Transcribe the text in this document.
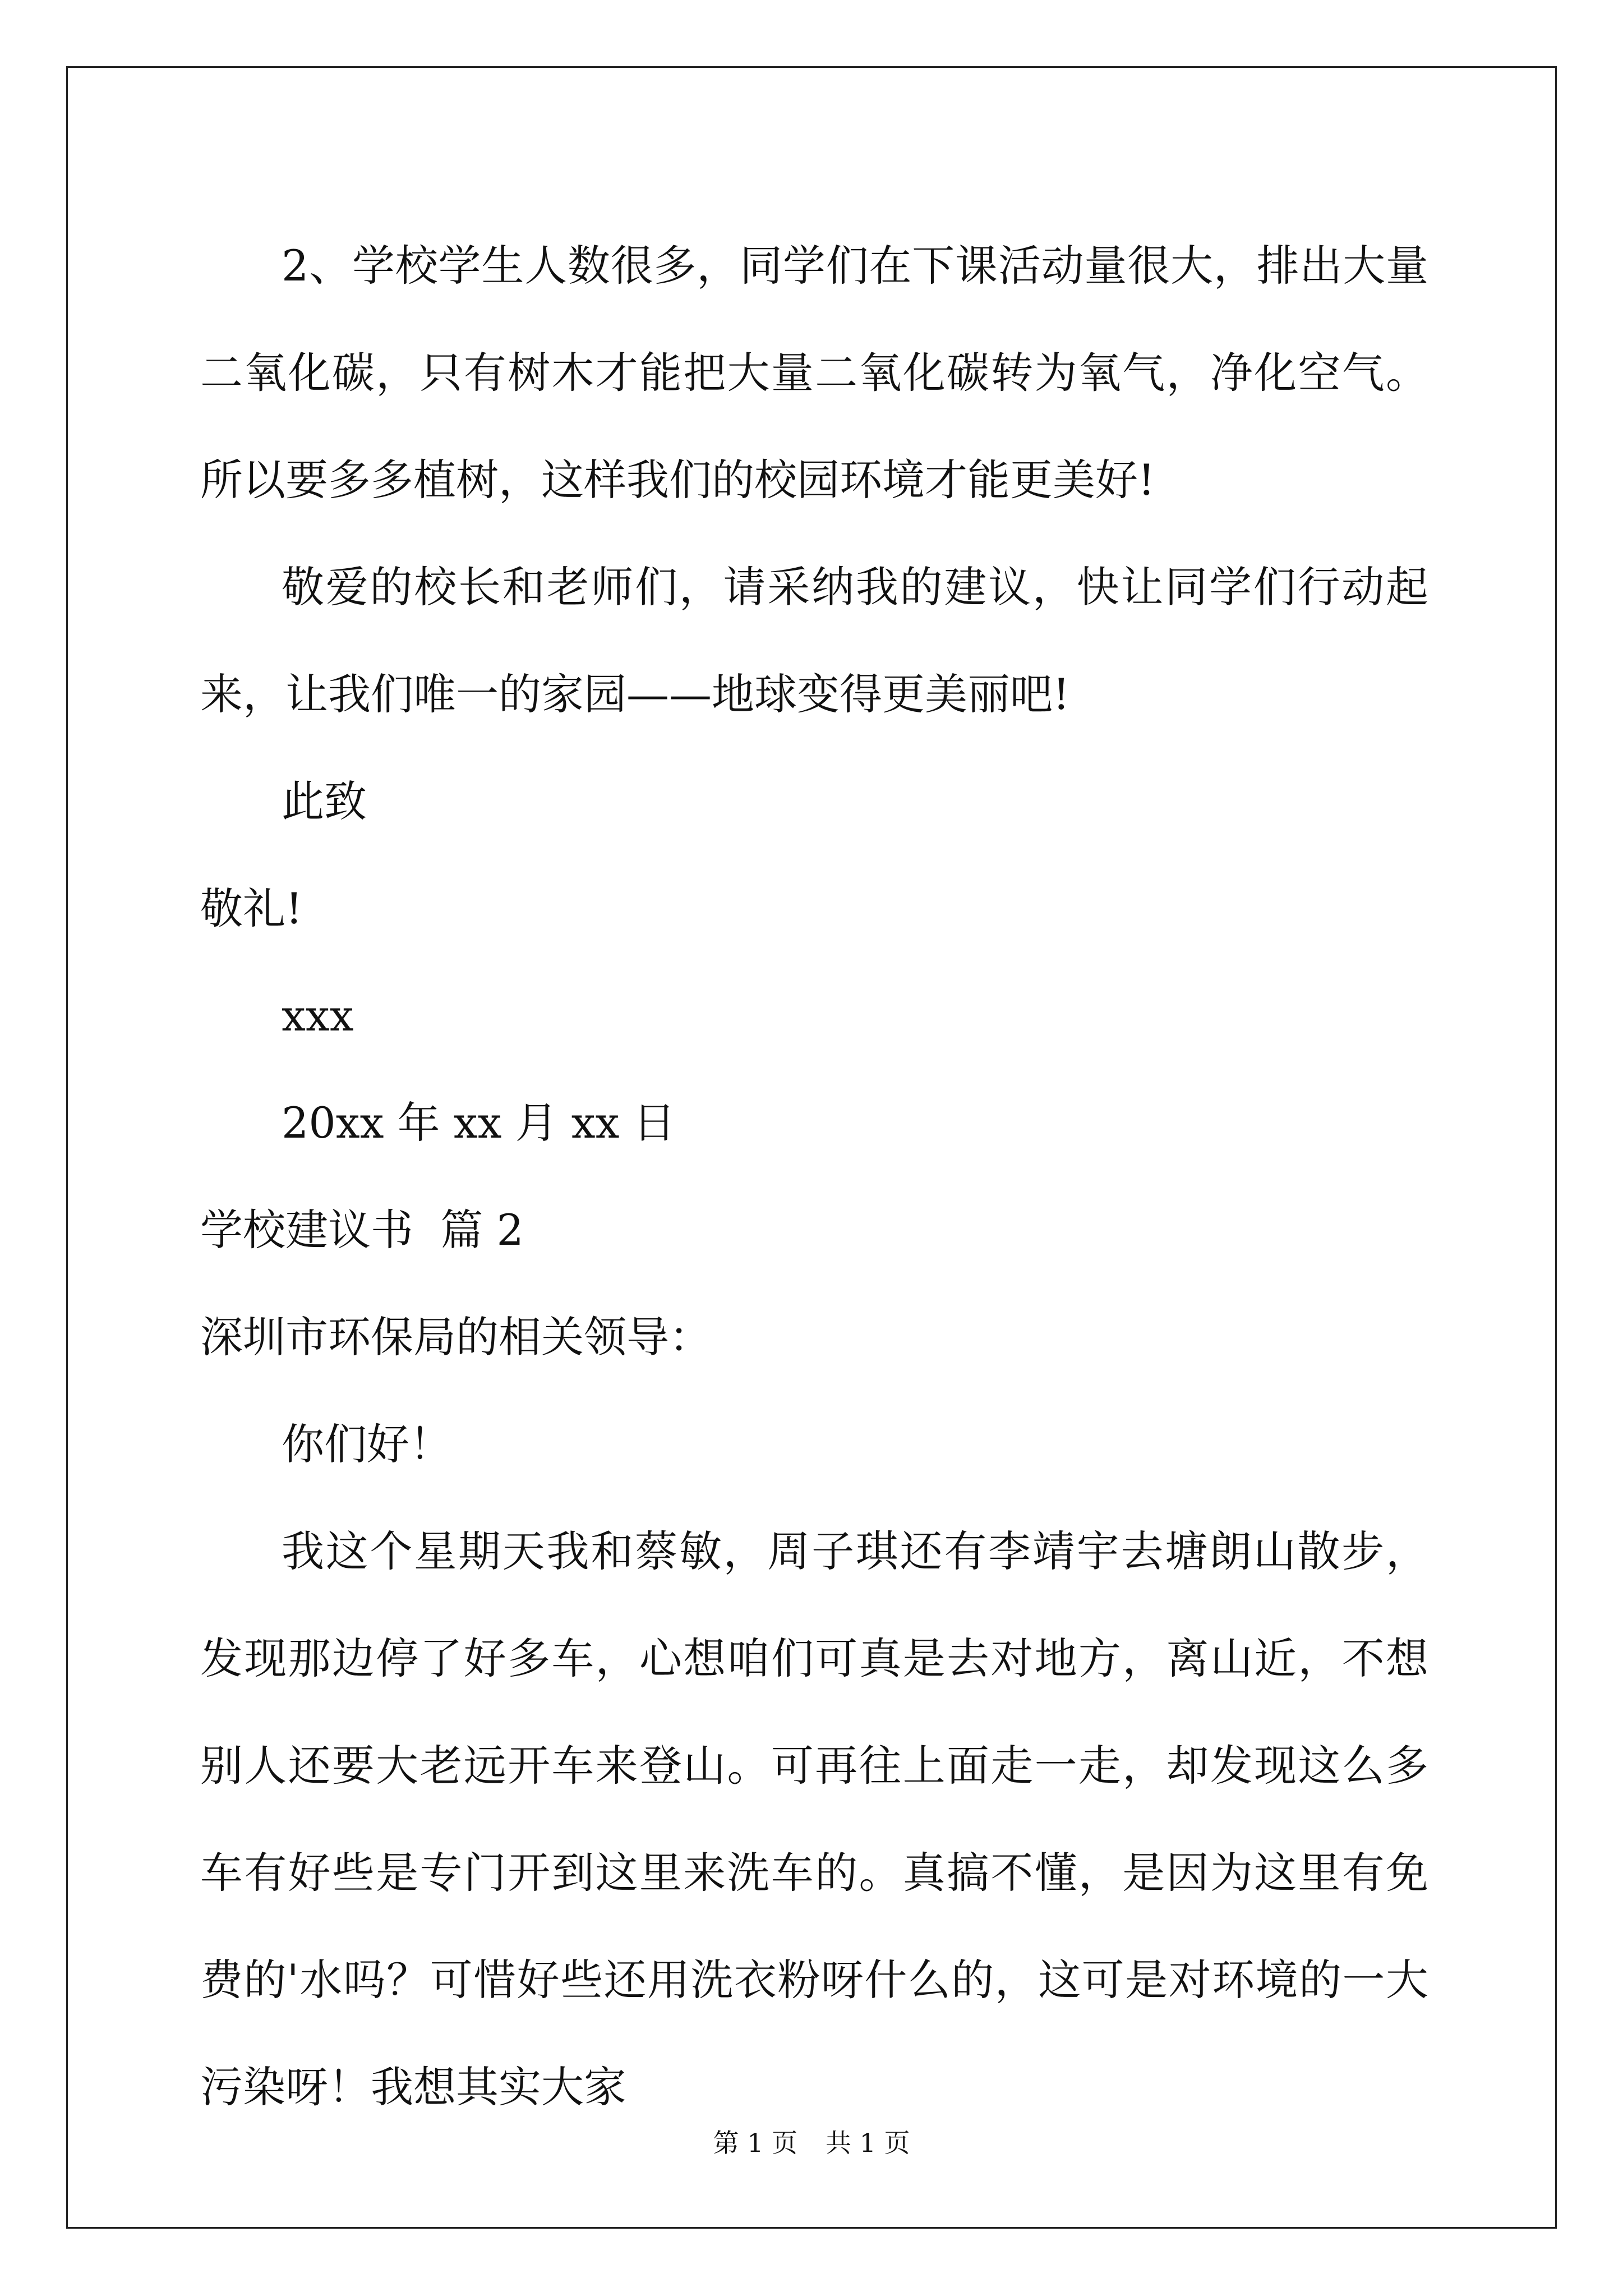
2、学校学生人数很多，同学们在下课活动量很大，排出大量二氧化碳，只有树木才能把大量二氧化碳转为氧气，净化空气。所以要多多植树，这样我们的校园环境才能更美好!

敬爱的校长和老师们，请采纳我的建议，快让同学们行动起来，让我们唯一的家园——地球变得更美丽吧!

此致

敬礼!

xxx

20xx 年 xx 月 xx 日

学校建议书  篇 2

深圳市环保局的相关领导：

你们好！

我这个星期天我和蔡敏，周子琪还有李靖宇去塘朗山散步，发现那边停了好多车，心想咱们可真是去对地方，离山近，不想别人还要大老远开车来登山。可再往上面走一走，却发现这么多车有好些是专门开到这里来洗车的。真搞不懂，是因为这里有免费的'水吗？可惜好些还用洗衣粉呀什么的，这可是对环境的一大污染呀！我想其实大家

第 1 页 共 1 页
